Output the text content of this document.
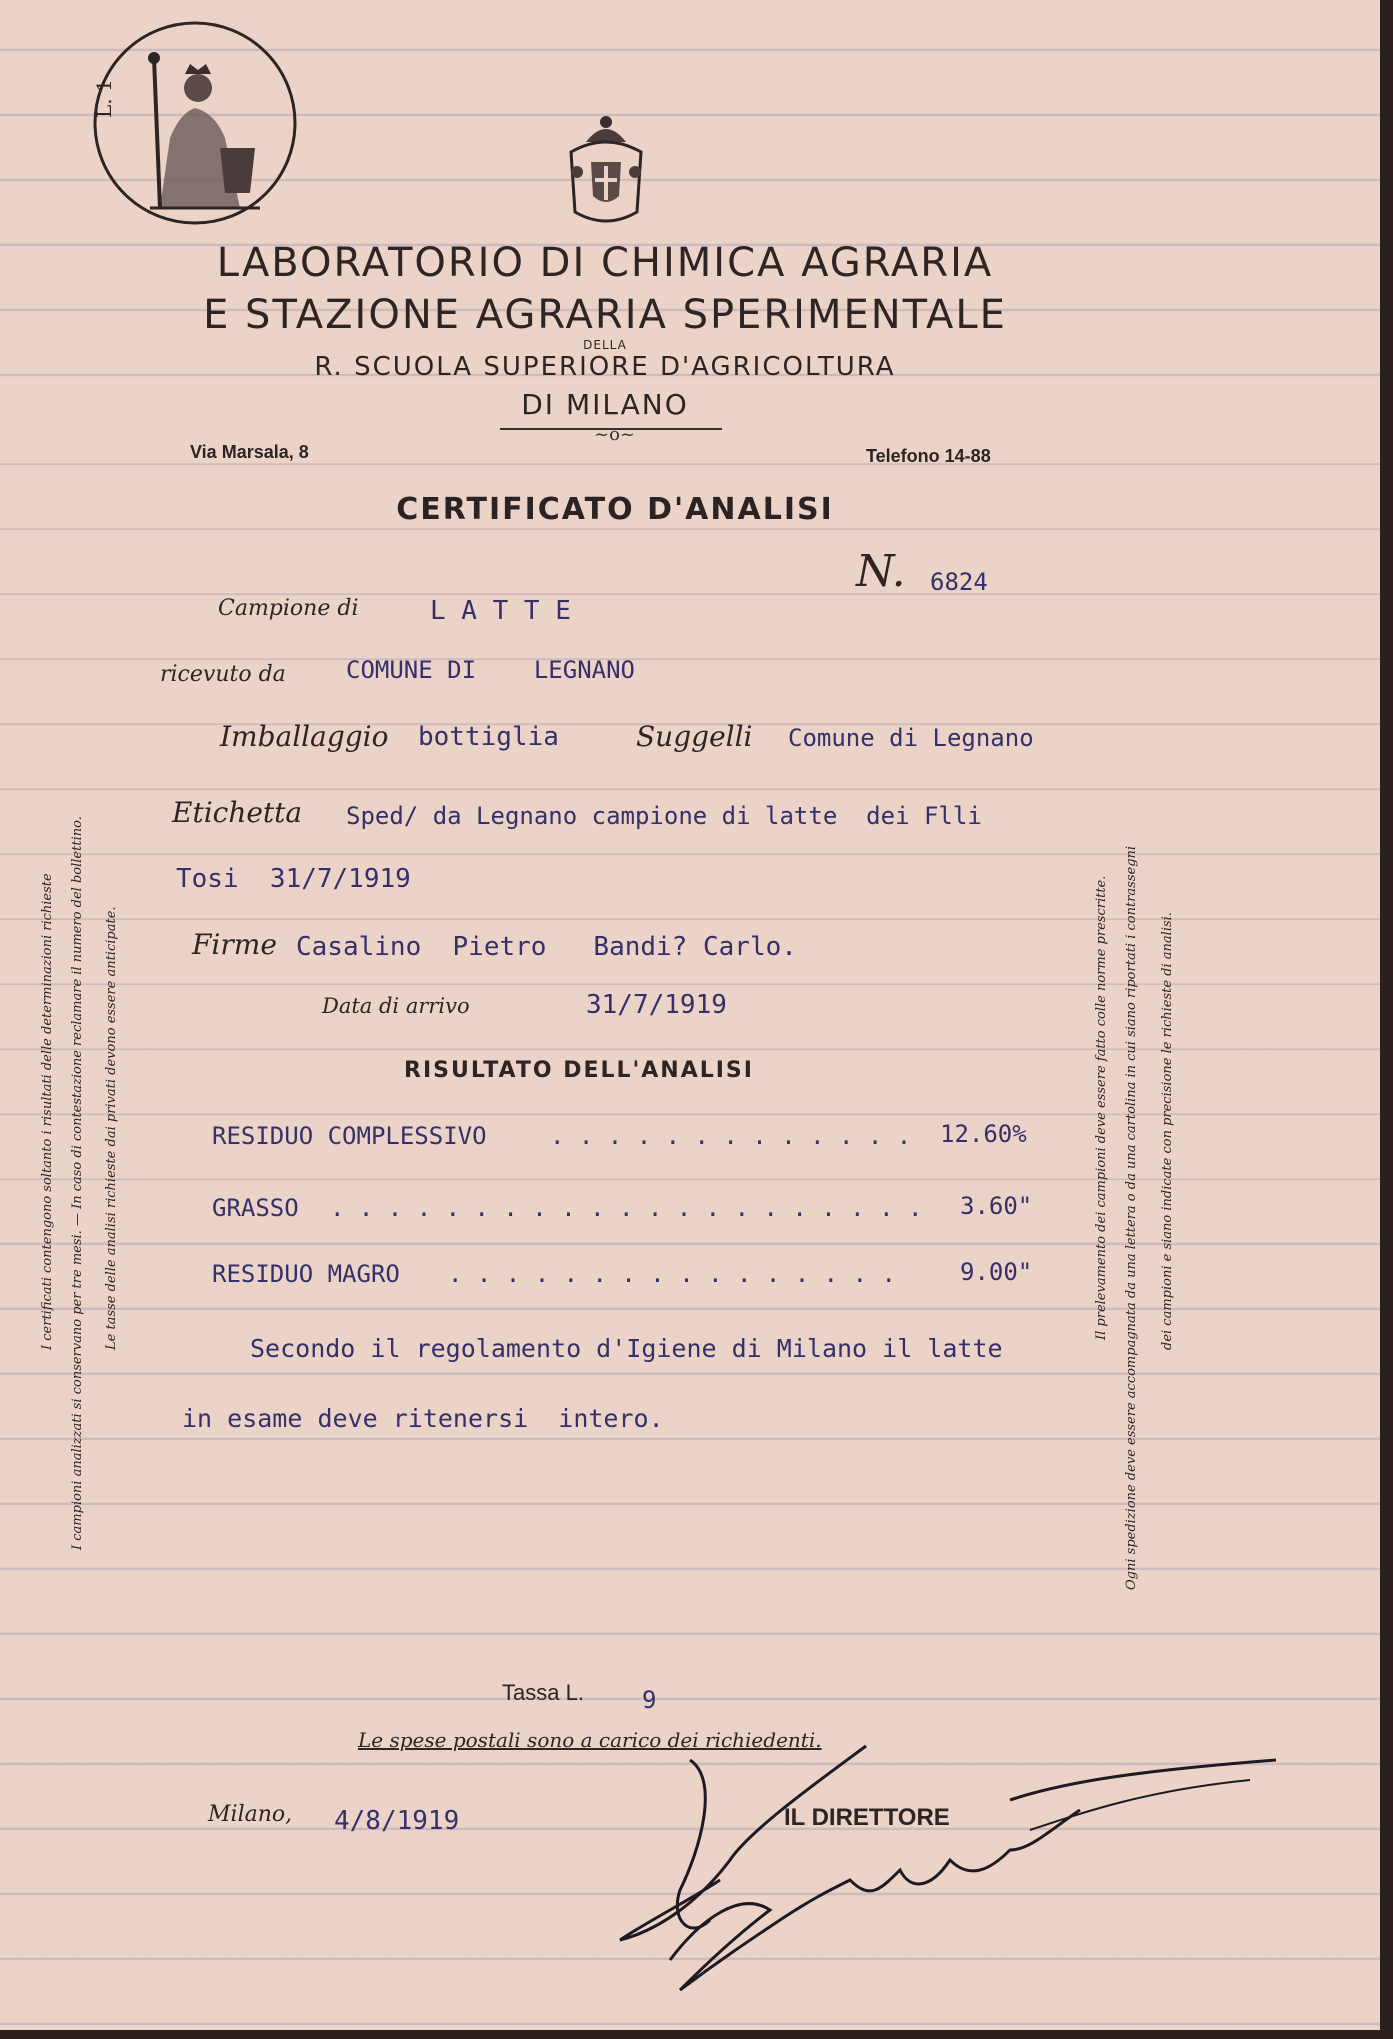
L. 1
LABORATORIO DI CHIMICA AGRARIA
E STAZIONE AGRARIA SPERIMENTALE
DELLA
R. SCUOLA SUPERIORE D'AGRICOLTURA
DI MILANO
~o~
Via Marsala, 8	Telefono 14-88
CERTIFICATO D'ANALISI
N. 6824
Campione di	L A T T E
ricevuto da	COMUNE DI    LEGNANO
Imballaggio bottiglia	Suggelli Comune di Legnano
Etichetta Sped/ da Legnano campione di latte  dei Flli
Tosi  31/7/1919
Firme Casalino  Pietro   Bandi? Carlo.
Data di arrivo	31/7/1919
RISULTATO DELL'ANALISI
RESIDUO COMPLESSIVO	. . . . . . . . . . . . . 12.60%
GRASSO . . . . . . . . . . . . . . . . . . . . . 3.60"
RESIDUO MAGRO . . . . . . . . . . . . . . . .	9.00"
Secondo il regolamento d'Igiene di Milano il latte
in esame deve ritenersi  intero.
Tassa L. 9
Le spese postali sono a carico dei richiedenti.
Milano, 4/8/1919	IL DIRETTORE
I certificati contengono soltanto i risultati delle determinazioni richieste I campioni analizzati si conservano per tre mesi. — In caso di contestazione reclamare il numero del bollettino. Le tasse delle analisi richieste dai privati devono essere anticipate.	Ogni spedizione deve essere accompagnata da una lettera o da una cartolina in cui siano riportati i contrassegni
Il prelevamento dei campioni deve essere fatto colle norme prescritte.	dei campioni e siano indicate con precisione le richieste di analisi.
